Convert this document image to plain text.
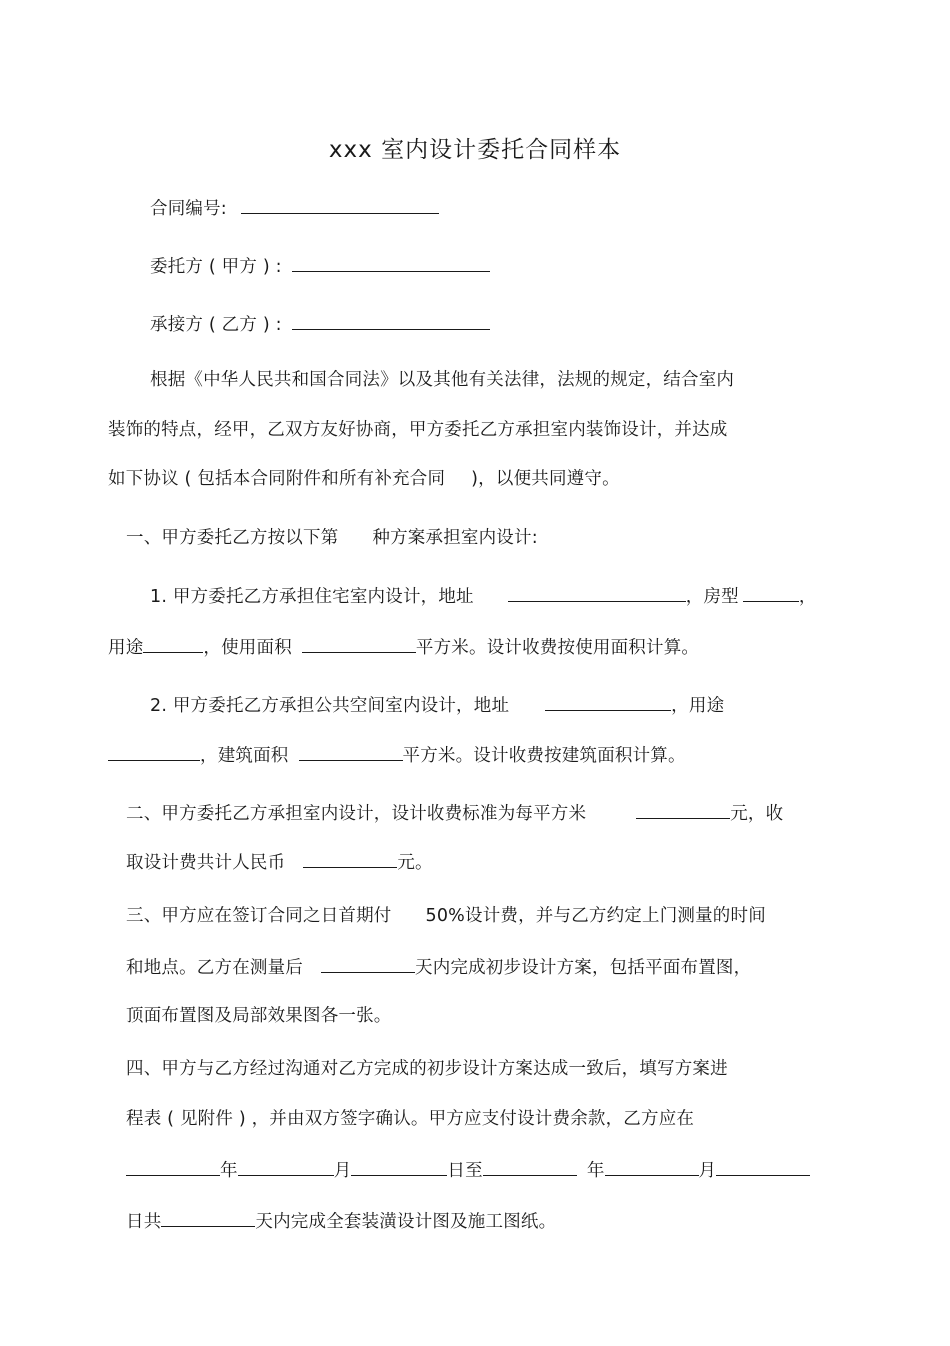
xxx 室内设计委托合同样本
合同编号:
委托方 ( 甲方 ) :
承接方 ( 乙方 ) :
根据《中华人民共和国合同法》以及其他有关法律，法规的规定，结合室内
装饰的特点，经甲，乙双方友好协商，甲方委托乙方承担室内装饰设计，并达成
如下协议 ( 包括本合同附件和所有补充合同 )，以便共同遵守。
一、甲方委托乙方按以下第 种方案承担室内设计:
1. 甲方委托乙方承担住宅室内设计，地址	，房型	，
用途	，使用面积	平方米。设计收费按使用面积计算。
2. 甲方委托乙方承担公共空间室内设计，地址	，用途
，建筑面积	平方米。设计收费按建筑面积计算。
二、甲方委托乙方承担室内设计，设计收费标准为每平方米	元，收
取设计费共计人民币	元。
三、甲方应在签订合同之日首期付 50%设计费，并与乙方约定上门测量的时间
和地点。乙方在测量后	天内完成初步设计方案，包括平面布置图，
顶面布置图及局部效果图各一张。
四、甲方与乙方经过沟通对乙方完成的初步设计方案达成一致后，填写方案进
程表 ( 见附件 ) ，并由双方签字确认。甲方应支付设计费余款，乙方应在
年	月	日至	年	月
日共	天内完成全套装潢设计图及施工图纸。
